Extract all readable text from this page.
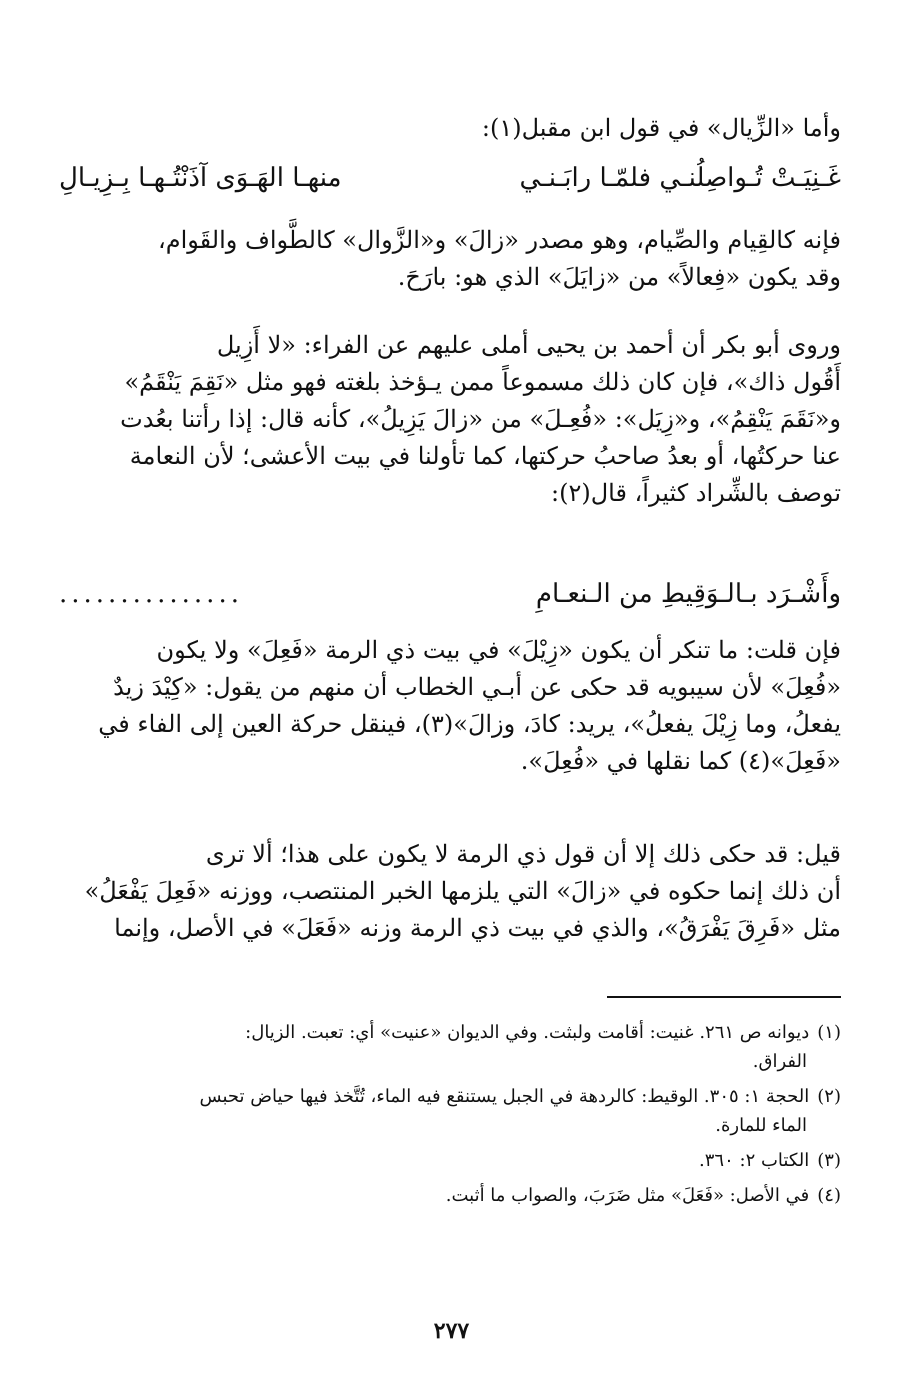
وأما «الزِّيال» في قول ابن مقبل(١):
غَـنِيَـتْ تُـواصِلُنـي فلمّـا رابَـنـي
منهـا الهَـوَى آذَنْتُـهـا بِـزِيـالِ
فإنه كالقِيام والصِّيام، وهو مصدر «زالَ» و«الزَّوال» كالطَّواف والقَوام،
وقد يكون «فِعالاً» من «زايَلَ» الذي هو: بارَحَ.
وروى أبو بكر أن أحمد بن يحيى أملى عليهم عن الفراء: «لا أَزِيل
أَقُول ذاك»، فإن كان ذلك مسموعاً ممن يـؤخذ بلغته فهو مثل «نَقِمَ يَنْقَمُ»
و«نَقَمَ يَنْقِمُ»، و«زِيَل»: «فُعِـلَ» من «زالَ يَزِيلُ»، كأنه قال: إذا رأتنا بعُدت
عنا حركتُها، أو بعدُ صاحبُ حركتها، كما تأولنا في بيت الأعشى؛ لأن النعامة
توصف بالشِّراد كثيراً، قال(٢):
وأَشْـرَد بـالـوَقِيطِ من الـنعـامِ
...............
فإن قلت: ما تنكر أن يكون «زِيْلَ» في بيت ذي الرمة «فَعِلَ» ولا يكون
«فُعِلَ» لأن سيبويه قد حكى عن أبـي الخطاب أن منهم من يقول: «كِيْدَ زيدٌ
يفعلُ، وما زِيْلَ يفعلُ»، يريد: كادَ، وزالَ»(٣)، فينقل حركة العين إلى الفاء في
«فَعِلَ»(٤) كما نقلها في «فُعِلَ».
قيل: قد حكى ذلك إلا أن قول ذي الرمة لا يكون على هذا؛ ألا ترى
أن ذلك إنما حكوه في «زالَ» التي يلزمها الخبر المنتصب، ووزنه «فَعِلَ يَفْعَلُ»
مثل «فَرِقَ يَفْرَقُ»، والذي في بيت ذي الرمة وزنه «فَعَلَ» في الأصل، وإنما
(١)ديوانه ص ٢٦١. غنيت: أقامت ولبثت. وفي الديوان «عنيت» أي: تعبت. الزيال:
الفراق.
(٢)الحجة ١: ٣٠٥. الوقيط: كالردهة في الجبل يستنقع فيه الماء، تُتَّخذ فيها حياض تحبس
الماء للمارة.
(٣)الكتاب ٢: ٣٦٠.
(٤)في الأصل: «فَعَلَ» مثل ضَرَبَ، والصواب ما أثبت.
٢٧٧
